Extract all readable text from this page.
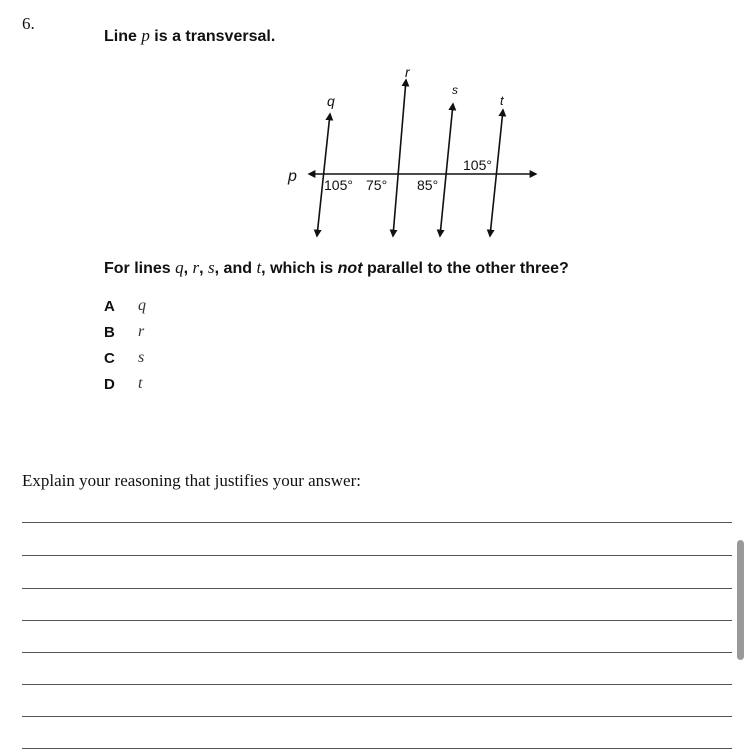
6.
Line p is a transversal.
p
q
r
s
t
105° 75° 85°
105°
For lines q, r, s, and t, which is not parallel to the other three?
A	q
B	r
C	s
D	t
Explain your reasoning that justifies your answer:
